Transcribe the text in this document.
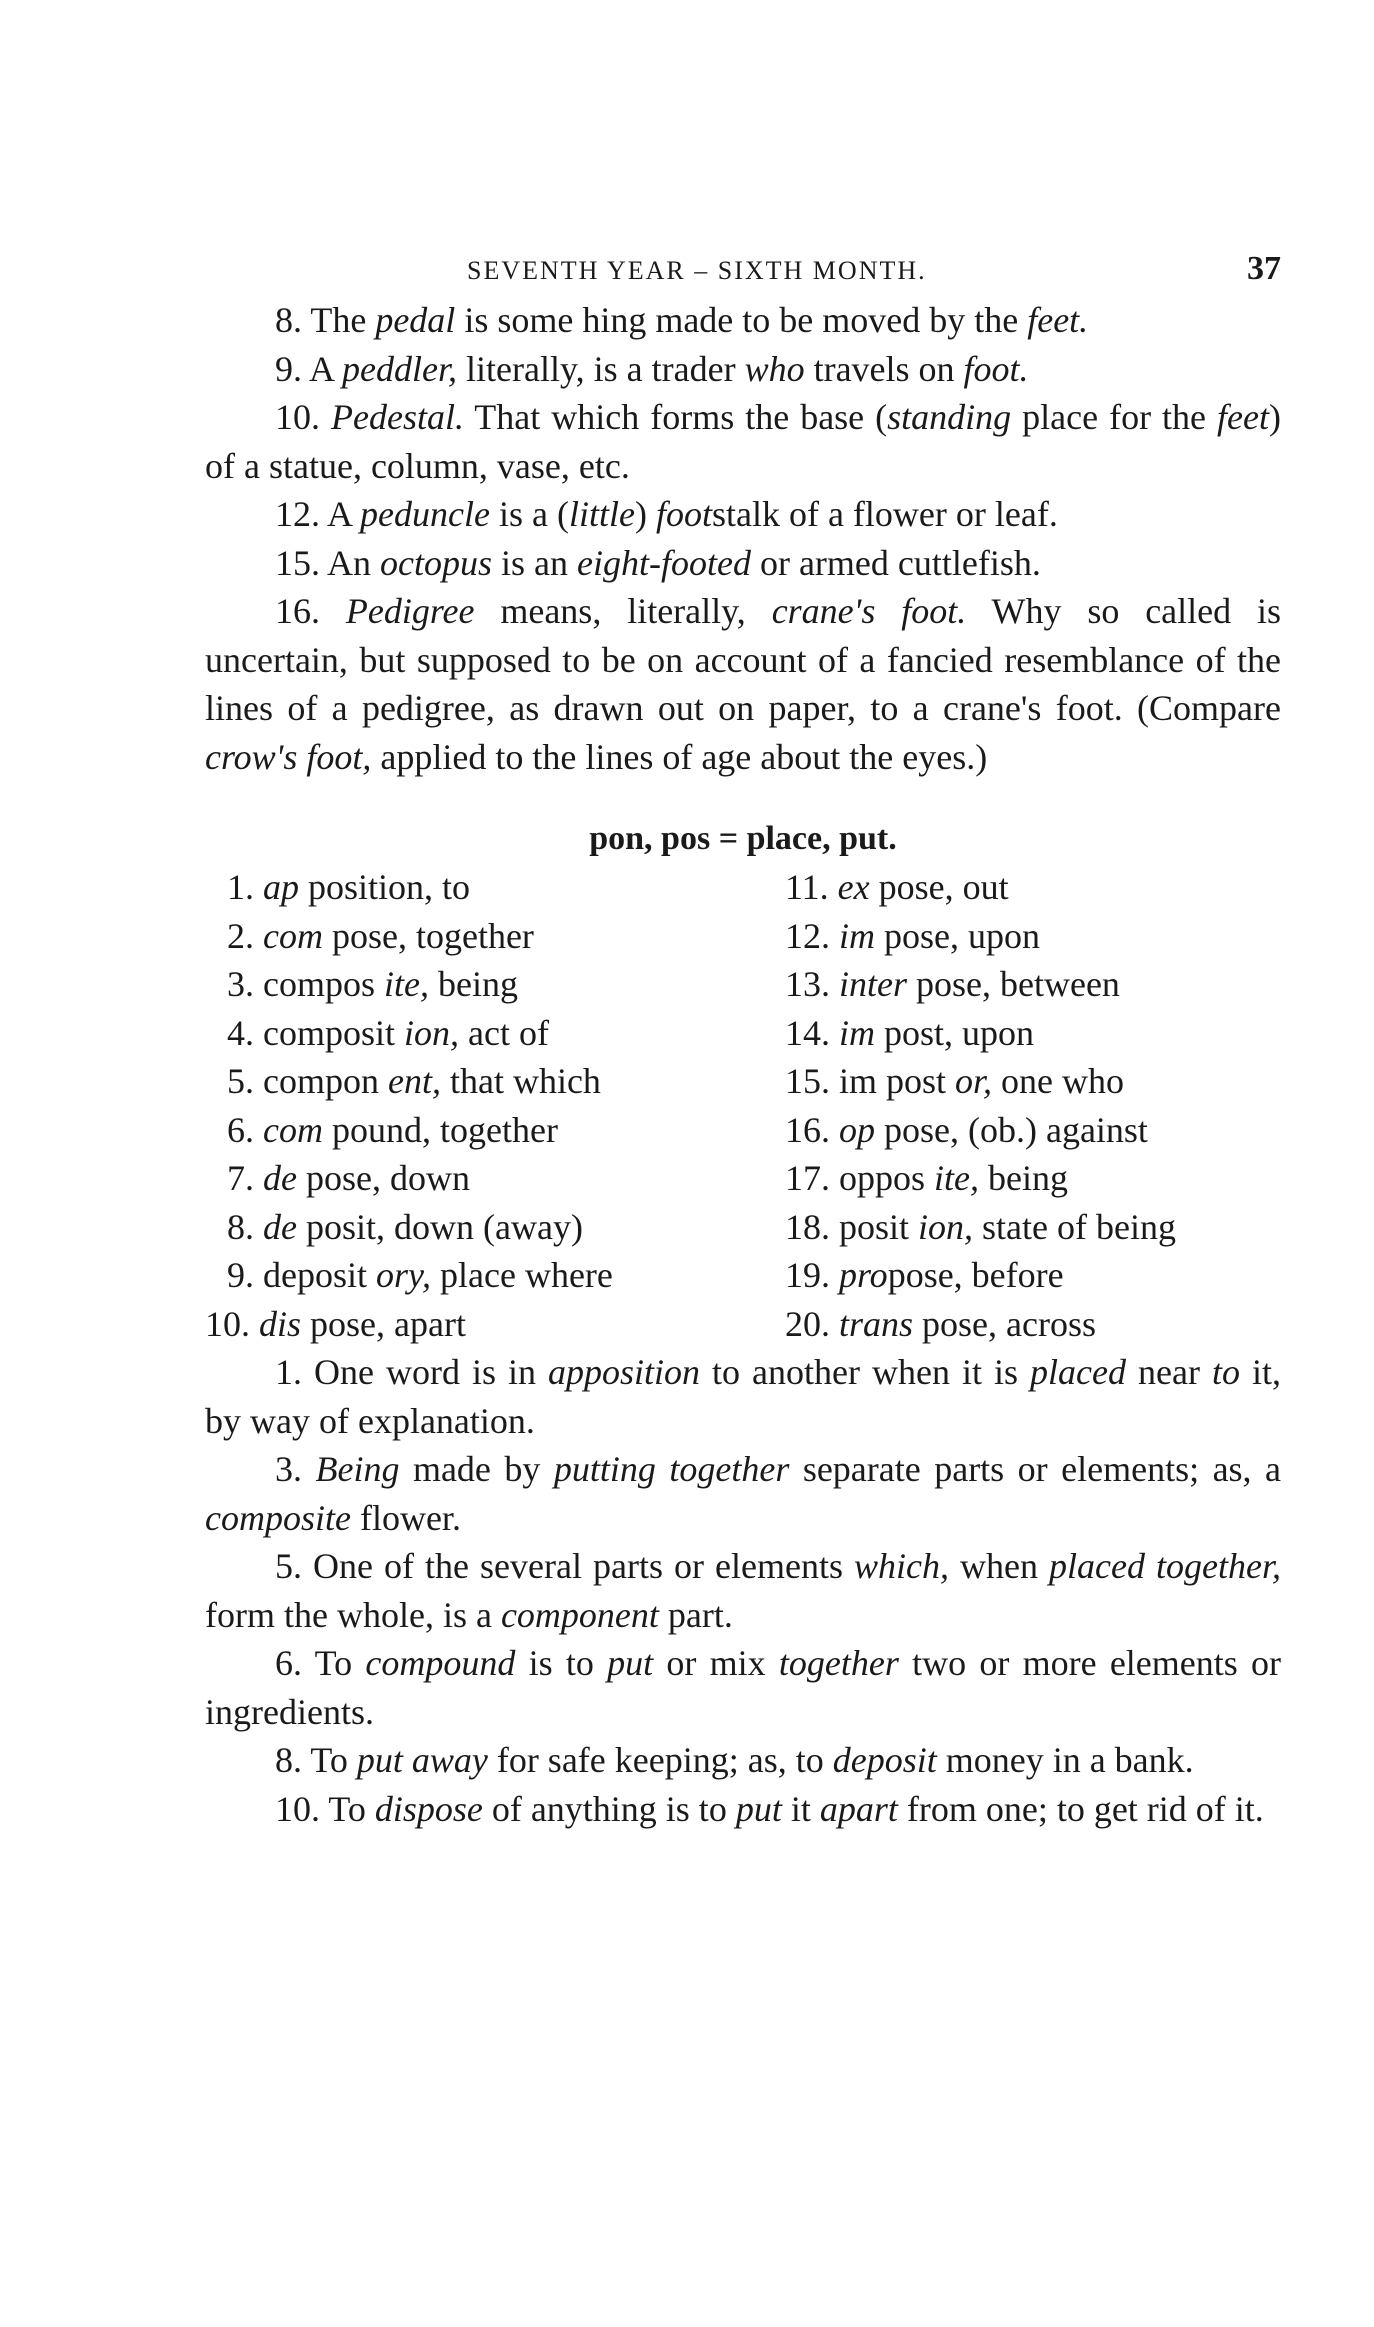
SEVENTH YEAR – SIXTH MONTH.	37

8. The pedal is some hing made to be moved by the feet.

9. A peddler, literally, is a trader who travels on foot.

10. Pedestal. That which forms the base (standing place for the feet) of a statue, column, vase, etc.

12. A peduncle is a (little) footstalk of a flower or leaf.

15. An octopus is an eight-footed or armed cuttlefish.

16. Pedigree means, literally, crane's foot. Why so called is uncertain, but supposed to be on account of a fancied resemblance of the lines of a pedigree, as drawn out on paper, to a crane's foot. (Compare crow's foot, applied to the lines of age about the eyes.)

pon, pos = place, put.
1. ap position, to
2. com pose, together
3. compos ite, being
4. composit ion, act of
5. compon ent, that which
6. com pound, together
7. de pose, down
8. de posit, down (away)
9. deposit ory, place where
10. dis pose, apart
11. ex pose, out
12. im pose, upon
13. inter pose, between
14. im post, upon
15. im post or, one who
16. op pose, (ob.) against
17. oppos ite, being
18. posit ion, state of being
19. propose, before
20. trans pose, across

1. One word is in apposition to another when it is placed near to it, by way of explanation.

3. Being made by putting together separate parts or elements; as, a composite flower.

5. One of the several parts or elements which, when placed together, form the whole, is a component part.

6. To compound is to put or mix together two or more elements or ingredients.

8. To put away for safe keeping; as, to deposit money in a bank.

10. To dispose of anything is to put it apart from one; to get rid of it.
